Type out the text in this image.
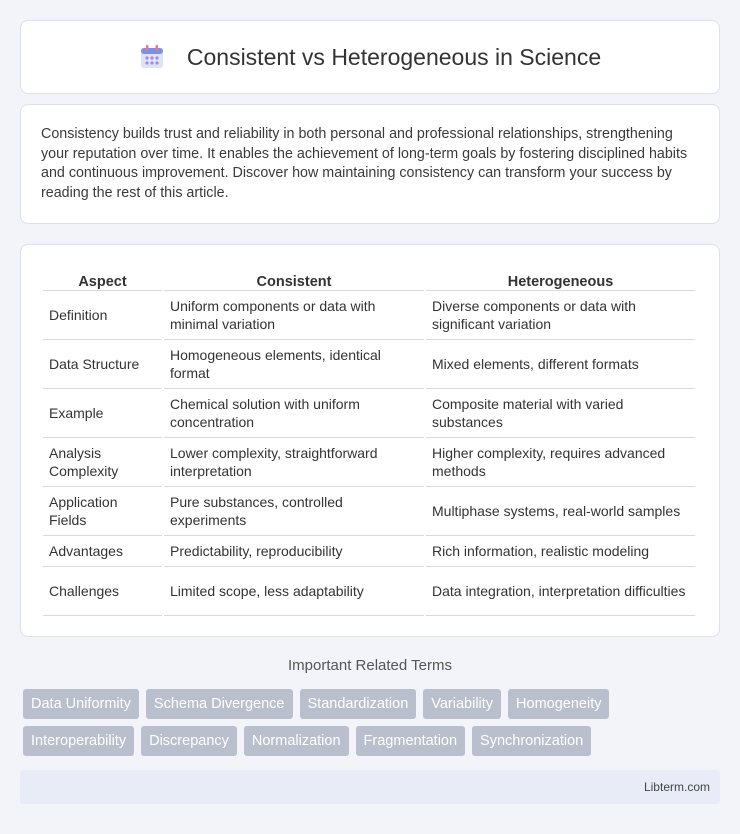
Consistent vs Heterogeneous in Science

Consistency builds trust and reliability in both personal and professional relationships, strengthening your reputation over time. It enables the achievement of long-term goals by fostering disciplined habits and continuous improvement. Discover how maintaining consistency can transform your success by reading the rest of this article.

Aspect	Consistent	Heterogeneous
Definition	Uniform components or data with minimal variation	Diverse components or data with significant variation
Data Structure	Homogeneous elements, identical format	Mixed elements, different formats
Example	Chemical solution with uniform concentration	Composite material with varied substances
Analysis Complexity	Lower complexity, straightforward interpretation	Higher complexity, requires advanced methods
Application Fields	Pure substances, controlled experiments	Multiphase systems, real-world samples
Advantages	Predictability, reproducibility	Rich information, realistic modeling
Challenges	Limited scope, less adaptability	Data integration, interpretation difficulties
Important Related Terms
Data Uniformity	Schema Divergence	Standardization	Variability	Homogeneity
Interoperability	Discrepancy	Normalization	Fragmentation	Synchronization
Libterm.com
